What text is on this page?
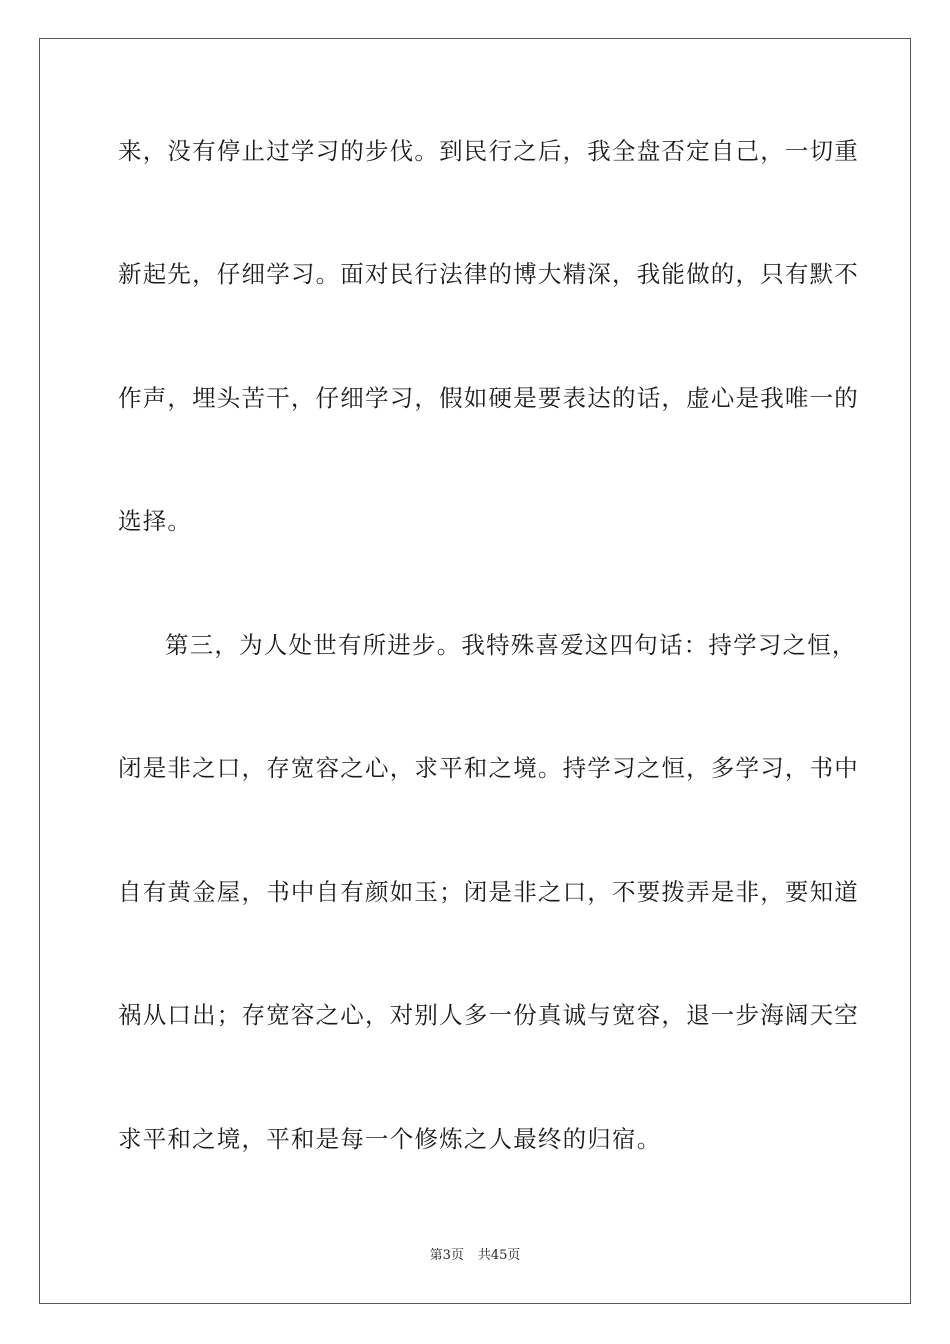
来，没有停止过学习的步伐。到民行之后，我全盘否定自己，一切重
新起先，仔细学习。面对民行法律的博大精深，我能做的，只有默不
作声，埋头苦干，仔细学习，假如硬是要表达的话，虚心是我唯一的
选择。
第三，为人处世有所进步。我特殊喜爱这四句话：持学习之恒，
闭是非之口，存宽容之心，求平和之境。持学习之恒，多学习，书中
自有黄金屋，书中自有颜如玉；闭是非之口，不要拨弄是非，要知道
祸从口出；存宽容之心，对别人多一份真诚与宽容，退一步海阔天空
求平和之境，平和是每一个修炼之人最终的归宿。
第3页 共45页
